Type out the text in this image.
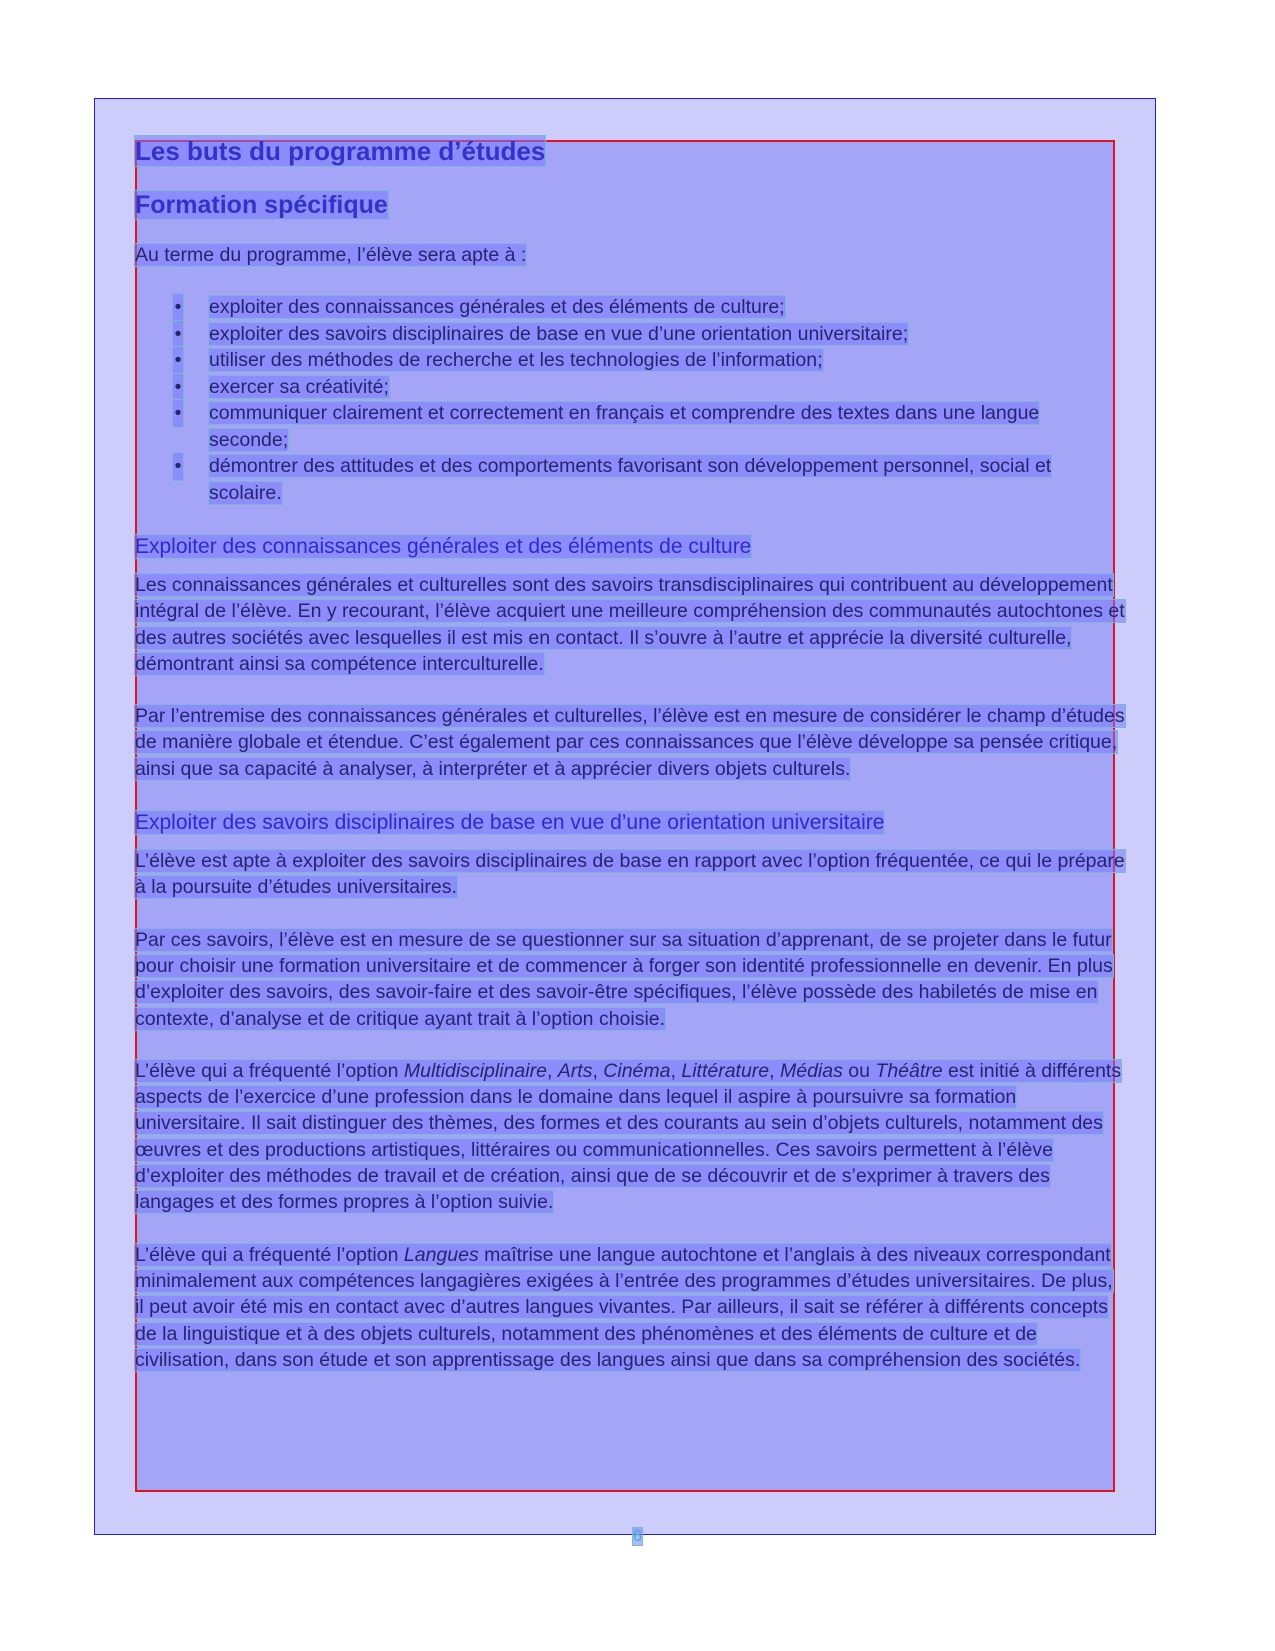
Les buts du programme d’études
Formation spécifique
Au terme du programme, l’élève sera apte à :
• exploiter des connaissances générales et des éléments de culture;
• exploiter des savoirs disciplinaires de base en vue d’une orientation universitaire;
• utiliser des méthodes de recherche et les technologies de l’information;
• exercer sa créativité;
• communiquer clairement et correctement en français et comprendre des textes dans une langue seconde;
• démontrer des attitudes et des comportements favorisant son développement personnel, social et scolaire.
Exploiter des connaissances générales et des éléments de culture

Les connaissances générales et culturelles sont des savoirs transdisciplinaires qui contribuent au développement intégral de l’élève. En y recourant, l’élève acquiert une meilleure compréhension des communautés autochtones et des autres sociétés avec lesquelles il est mis en contact. Il s’ouvre à l’autre et apprécie la diversité culturelle, démontrant ainsi sa compétence interculturelle.

Par l’entremise des connaissances générales et culturelles, l’élève est en mesure de considérer le champ d’études de manière globale et étendue. C’est également par ces connaissances que l’élève développe sa pensée critique, ainsi que sa capacité à analyser, à interpréter et à apprécier divers objets culturels.

Exploiter des savoirs disciplinaires de base en vue d’une orientation universitaire

L’élève est apte à exploiter des savoirs disciplinaires de base en rapport avec l’option fréquentée, ce qui le prépare à la poursuite d’études universitaires.

Par ces savoirs, l’élève est en mesure de se questionner sur sa situation d’apprenant, de se projeter dans le futur pour choisir une formation universitaire et de commencer à forger son identité professionnelle en devenir. En plus d’exploiter des savoirs, des savoir-faire et des savoir-être spécifiques, l’élève possède des habiletés de mise en contexte, d’analyse et de critique ayant trait à l’option choisie.

L’élève qui a fréquenté l’option Multidisciplinaire, Arts, Cinéma, Littérature, Médias ou Théâtre est initié à différents aspects de l’exercice d’une profession dans le domaine dans lequel il aspire à poursuivre sa formation universitaire. Il sait distinguer des thèmes, des formes et des courants au sein d’objets culturels, notamment des œuvres et des productions artistiques, littéraires ou communicationnelles. Ces savoirs permettent à l’élève d’exploiter des méthodes de travail et de création, ainsi que de se découvrir et de s’exprimer à travers des langages et des formes propres à l’option suivie.

L’élève qui a fréquenté l’option Langues maîtrise une langue autochtone et l’anglais à des niveaux correspondant minimalement aux compétences langagières exigées à l’entrée des programmes d’études universitaires. De plus, il peut avoir été mis en contact avec d’autres langues vivantes. Par ailleurs, il sait se référer à différents concepts de la linguistique et à des objets culturels, notamment des phénomènes et des éléments de culture et de civilisation, dans son étude et son apprentissage des langues ainsi que dans sa compréhension des sociétés.

6
